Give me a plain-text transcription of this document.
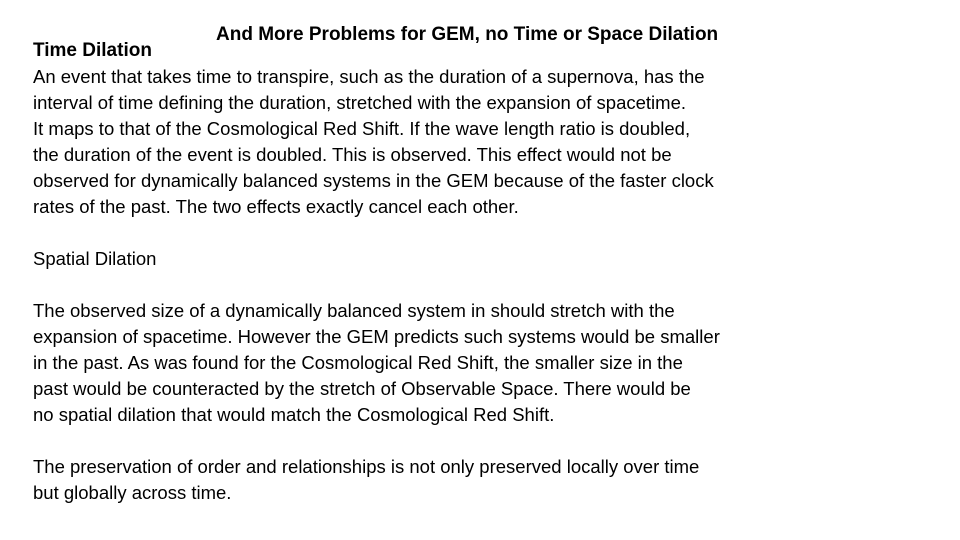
And More Problems for GEM, no Time or Space Dilation
Time Dilation
An event that takes time to transpire, such as the duration of a supernova, has the
interval of time defining the duration, stretched with the expansion of spacetime.
It maps to that of the Cosmological Red Shift. If the wave length ratio is doubled,
the duration of the event is doubled. This is observed. This effect would not be
observed for dynamically balanced systems in the GEM because of the faster clock
rates of the past. The two effects exactly cancel each other.
Spatial Dilation
The observed size of a dynamically balanced system in should stretch with the
expansion of spacetime. However the GEM predicts such systems would be smaller
in the past. As was found for the Cosmological Red Shift, the smaller size in the
past would be counteracted by the stretch of Observable Space. There would be
no spatial dilation that would match the Cosmological Red Shift.
The preservation of order and relationships is not only preserved locally over time
but globally across time.
